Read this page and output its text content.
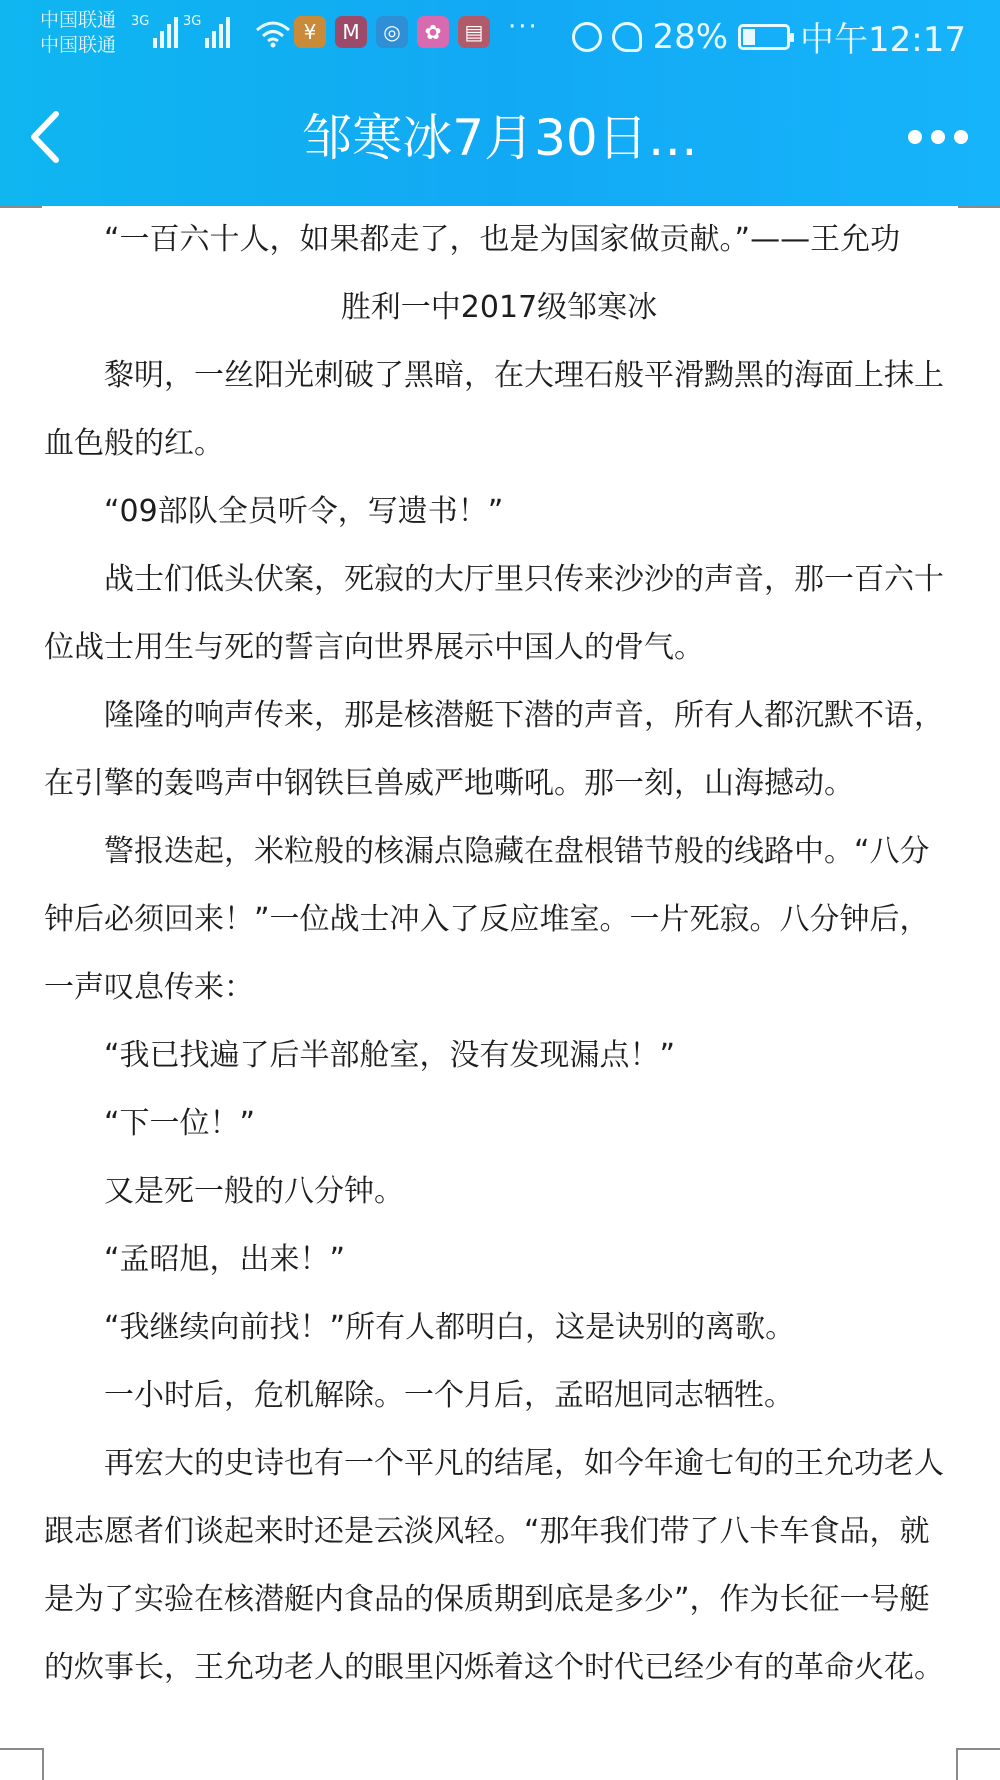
中国联通
中国联通
3G	3G	¥	M	◎	✿	▤ ···	28% 中午12:17
邹寒冰7月30日…

“一百六十人，如果都走了，也是为国家做贡献。”——王允功

胜利一中2017级邹寒冰

黎明，一丝阳光刺破了黑暗，在大理石般平滑黝黑的海面上抹上血色般的红。

“09部队全员听令，写遗书！”

战士们低头伏案，死寂的大厅里只传来沙沙的声音，那一百六十位战士用生与死的誓言向世界展示中国人的骨气。

隆隆的响声传来，那是核潜艇下潜的声音，所有人都沉默不语，在引擎的轰鸣声中钢铁巨兽威严地嘶吼。那一刻，山海撼动。

警报迭起，米粒般的核漏点隐藏在盘根错节般的线路中。“八分钟后必须回来！”一位战士冲入了反应堆室。一片死寂。八分钟后，一声叹息传来：

“我已找遍了后半部舱室，没有发现漏点！”

“下一位！”

又是死一般的八分钟。

“孟昭旭，出来！”

“我继续向前找！”所有人都明白，这是诀别的离歌。

一小时后，危机解除。一个月后，孟昭旭同志牺牲。

再宏大的史诗也有一个平凡的结尾，如今年逾七旬的王允功老人跟志愿者们谈起来时还是云淡风轻。“那年我们带了八卡车食品，就是为了实验在核潜艇内食品的保质期到底是多少”，作为长征一号艇的炊事长，王允功老人的眼里闪烁着这个时代已经少有的革命火花。
